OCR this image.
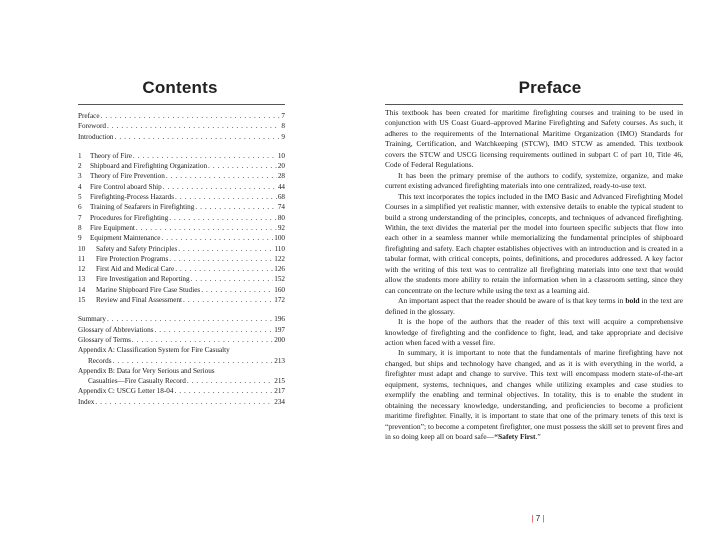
Contents
Preface . . .	7
Foreword . . .	8
Introduction . . .	9
1	Theory of Fire . . .	10
2	Shipboard and Firefighting Organization . . .	20
3	Theory of Fire Prevention . . .	28
4	Fire Control aboard Ship . . .	44
5	Firefighting-Process Hazards . . .	68
6	Training of Seafarers in Firefighting . . .	74
7	Procedures for Firefighting . . .	80
8	Fire Equipment . . .	92
9	Equipment Maintenance . . .	100
10	Safety and Safety Principles . . .	110
11	Fire Protection Programs . . .	122
12	First Aid and Medical Care . . .	126
13	Fire Investigation and Reporting . . .	152
14	Marine Shipboard Fire Case Studies . . .	160
15	Review and Final Assessment . . .	172
Summary . . .	196
Glossary of Abbreviations . . .	197
Glossary of Terms . . .	200
Appendix A: Classification System for Fire Casualty
Records . . .	213
Appendix B: Data for Very Serious and Serious
Casualties—Fire Casualty Record . . .	215
Appendix C: USCG Letter 18-04 . . .	217
Index . . .	234
Preface

This textbook has been created for maritime firefighting courses and training to be used in conjunction with US Coast Guard–approved Marine Firefighting and Safety courses. As such, it adheres to the requirements of the International Maritime Organization (IMO) Standards for Training, Certification, and Watchkeeping (STCW), IMO STCW as amended. This textbook covers the STCW and USCG licensing requirements outlined in subpart C of part 10, Title 46, Code of Federal Regulations.

It has been the primary premise of the authors to codify, systemize, organize, and make current existing advanced firefighting materials into one centralized, ready-to-use text.

This text incorporates the topics included in the IMO Basic and Advanced Firefighting Model Courses in a simplified yet realistic manner, with extensive details to enable the typical student to build a strong understanding of the principles, concepts, and techniques of advanced firefighting. Within, the text divides the material per the model into fourteen specific subjects that flow into each other in a seamless manner while memorializing the fundamental principles of shipboard firefighting and safety. Each chapter establishes objectives with an introduction and is created in a tabular format, with critical concepts, points, definitions, and procedures addressed. A key factor with the writing of this text was to centralize all firefighting materials into one text that would allow the students more ability to retain the information when in a classroom setting, since they can concentrate on the lecture while using the text as a learning aid.

An important aspect that the reader should be aware of is that key terms in bold in the text are defined in the glossary.

It is the hope of the authors that the reader of this text will acquire a comprehensive knowledge of firefighting and the confidence to fight, lead, and take appropriate and decisive action when faced with a vessel fire.

In summary, it is important to note that the fundamentals of marine firefighting have not changed, but ships and technology have changed, and as it is with everything in the world, a firefighter must adapt and change to survive. This text will encompass modern state-of-the-art equipment, systems, techniques, and changes while utilizing examples and case studies to exemplify the enabling and terminal objectives. In totality, this is to enable the student in obtaining the necessary knowledge, understanding, and proficiencies to become a proficient maritime firefighter. Finally, it is important to state that one of the primary tenets of this text is “prevention”; to become a competent firefighter, one must possess the skill set to prevent fires and in so doing keep all on board safe—“Safety First.”

| 7 |
